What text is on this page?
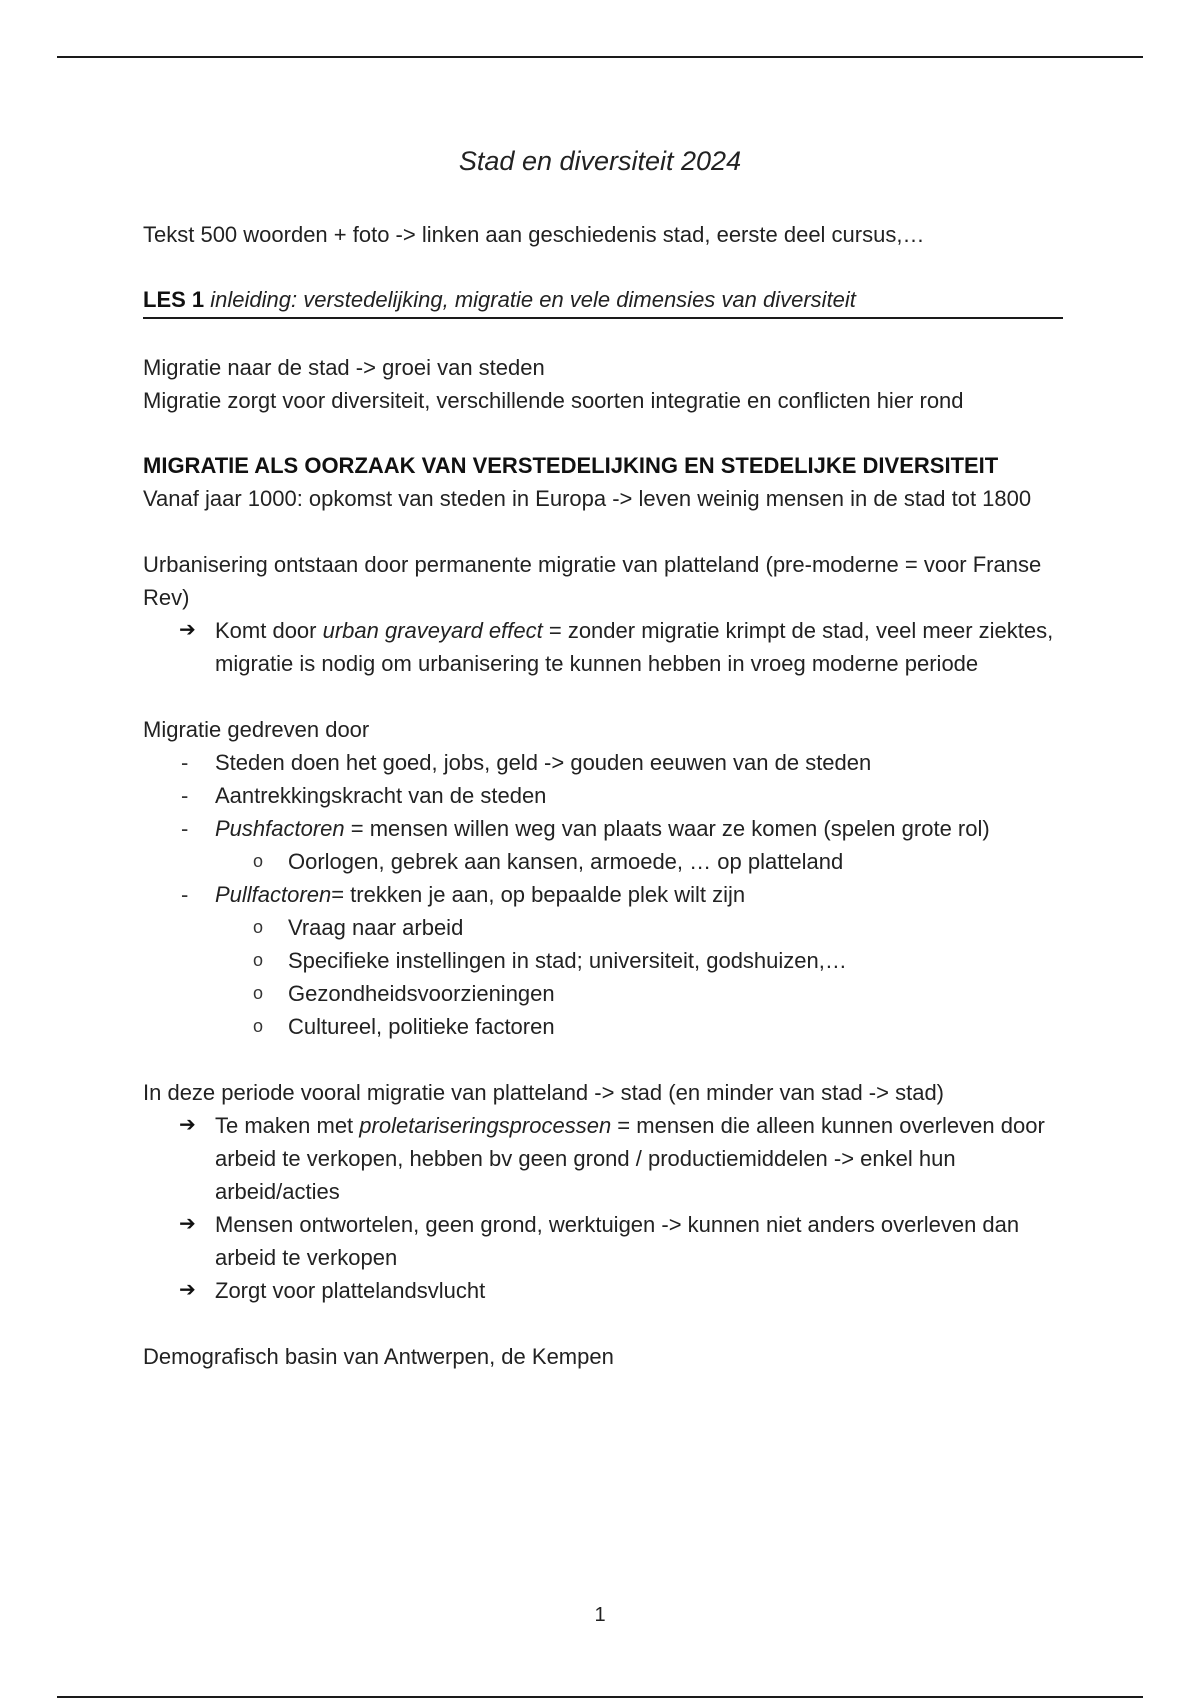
Stad en diversiteit 2024

Tekst 500 woorden + foto -> linken aan geschiedenis stad, eerste deel cursus,…

LES 1 inleiding: verstedelijking, migratie en vele dimensies van diversiteit

Migratie naar de stad -> groei van steden

Migratie zorgt voor diversiteit, verschillende soorten integratie en conflicten hier rond

MIGRATIE ALS OORZAAK VAN VERSTEDELIJKING EN STEDELIJKE DIVERSITEIT

Vanaf jaar 1000: opkomst van steden in Europa -> leven weinig mensen in de stad tot 1800

Urbanisering ontstaan door permanente migratie van platteland (pre-moderne = voor Franse Rev)

➔ Komt door urban graveyard effect = zonder migratie krimpt de stad, veel meer ziektes, migratie is nodig om urbanisering te kunnen hebben in vroeg moderne periode

Migratie gedreven door

- Steden doen het goed, jobs, geld -> gouden eeuwen van de steden
- Aantrekkingskracht van de steden
- Pushfactoren = mensen willen weg van plaats waar ze komen (spelen grote rol)
o Oorlogen, gebrek aan kansen, armoede, … op platteland
- Pullfactoren= trekken je aan, op bepaalde plek wilt zijn
o Vraag naar arbeid
o Specifieke instellingen in stad; universiteit, godshuizen,…
o Gezondheidsvoorzieningen
o Cultureel, politieke factoren

In deze periode vooral migratie van platteland -> stad (en minder van stad -> stad)

➔ Te maken met proletariseringsprocessen = mensen die alleen kunnen overleven door arbeid te verkopen, hebben bv geen grond / productiemiddelen -> enkel hun arbeid/acties
➔ Mensen ontwortelen, geen grond, werktuigen -> kunnen niet anders overleven dan arbeid te verkopen
➔ Zorgt voor plattelandsvlucht

Demografisch basin van Antwerpen, de Kempen

1
